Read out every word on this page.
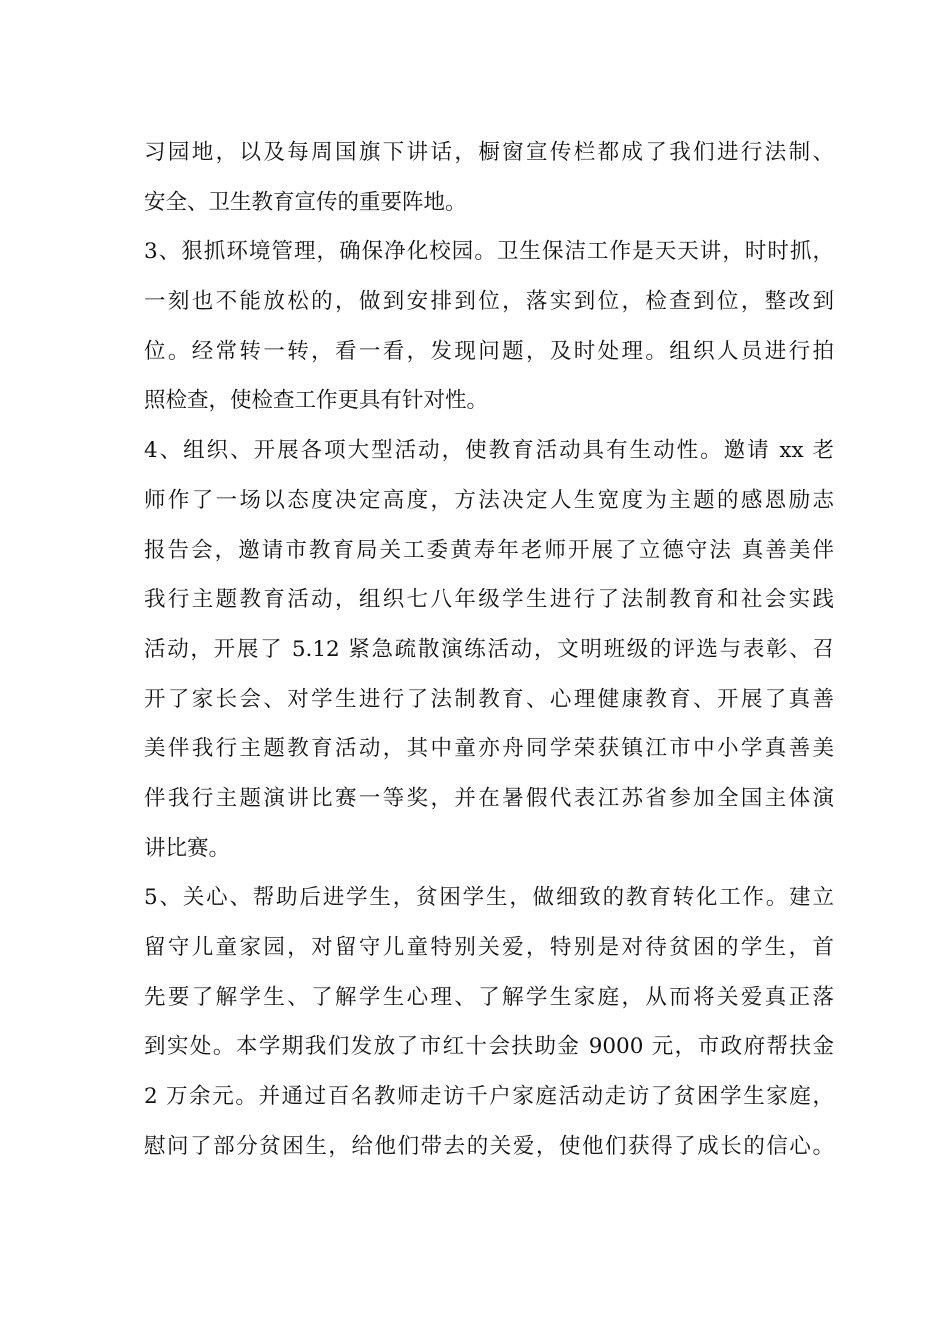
习园地，以及每周国旗下讲话，橱窗宣传栏都成了我们进行法制、
安全、卫生教育宣传的重要阵地。
3、狠抓环境管理，确保净化校园。卫生保洁工作是天天讲，时时抓，
一刻也不能放松的，做到安排到位，落实到位，检查到位，整改到
位。经常转一转，看一看，发现问题，及时处理。组织人员进行拍
照检查，使检查工作更具有针对性。
4、组织、开展各项大型活动，使教育活动具有生动性。邀请 xx 老
师作了一场以态度决定高度，方法决定人生宽度为主题的感恩励志
报告会，邀请市教育局关工委黄寿年老师开展了立德守法 真善美伴
我行主题教育活动，组织七八年级学生进行了法制教育和社会实践
活动，开展了 5.12 紧急疏散演练活动，文明班级的评选与表彰、召
开了家长会、对学生进行了法制教育、心理健康教育、开展了真善
美伴我行主题教育活动，其中童亦舟同学荣获镇江市中小学真善美
伴我行主题演讲比赛一等奖，并在暑假代表江苏省参加全国主体演
讲比赛。
5、关心、帮助后进学生，贫困学生，做细致的教育转化工作。建立
留守儿童家园，对留守儿童特别关爱，特别是对待贫困的学生，首
先要了解学生、了解学生心理、了解学生家庭，从而将关爱真正落
到实处。本学期我们发放了市红十会扶助金 9000 元，市政府帮扶金
2 万余元。并通过百名教师走访千户家庭活动走访了贫困学生家庭，
慰问了部分贫困生，给他们带去的关爱，使他们获得了成长的信心。
